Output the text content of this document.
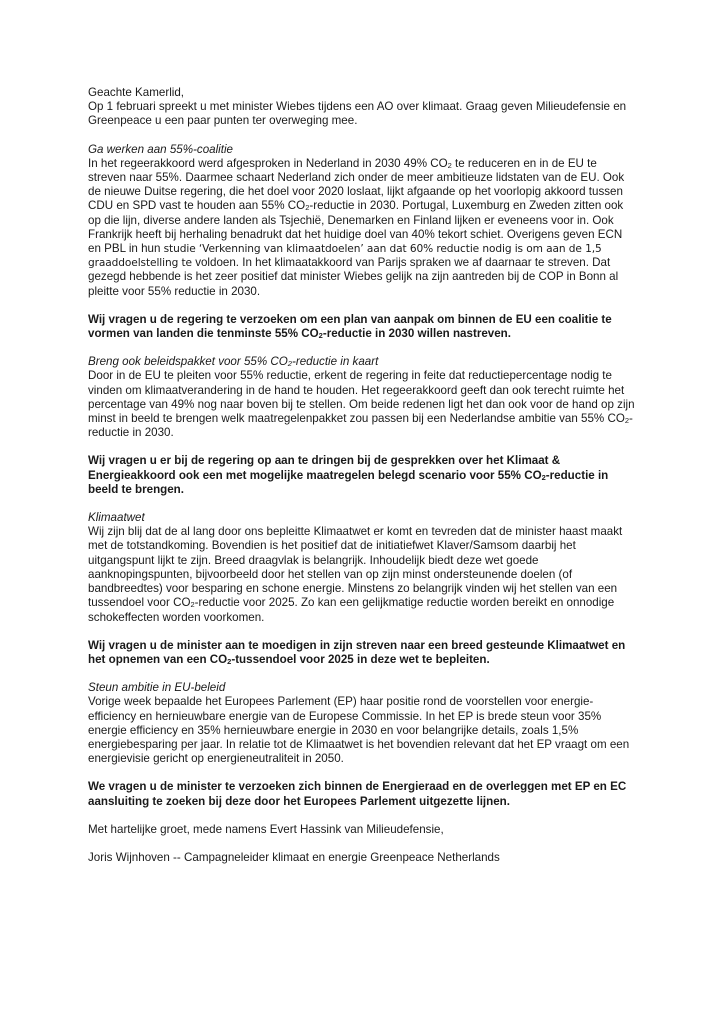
Geachte Kamerlid,

Op 1 februari spreekt u met minister Wiebes tijdens een AO over klimaat. Graag geven Milieudefensie en Greenpeace u een paar punten ter overweging mee.

Ga werken aan 55%-coalitie

In het regeerakkoord werd afgesproken in Nederland in 2030 49% $CO_2$ te reduceren en in de EU te streven naar 55%. Daarmee schaart Nederland zich onder de meer ambitieuze lidstaten van de EU. Ook de nieuwe Duitse regering, die het doel voor 2020 loslaat, lijkt afgaande op het voorlopig akkoord tussen CDU en SPD vast te houden aan 55% $CO_2$-reductie in 2030. Portugal, Luxemburg en Zweden zitten ook op die lijn, diverse andere landen als Tsjechië, Denemarken en Finland lijken er eveneens voor in. Ook Frankrijk heeft bij herhaling benadrukt dat het huidige doel van 40% tekort schiet. Overigens geven ECN en PBL in hun studie ‘Verkenning van klimaatdoelen’ aan dat 60% reductie nodig is om aan de 1,5 graaddoelstelling te voldoen. In het klimaatakkoord van Parijs spraken we af daarnaar te streven. Dat gezegd hebbende is het zeer positief dat minister Wiebes gelijk na zijn aantreden bij de COP in Bonn al pleitte voor 55% reductie in 2030.

Wij vragen u de regering te verzoeken om een plan van aanpak om binnen de EU een coalitie te vormen van landen die tenminste 55% $CO_2$-reductie in 2030 willen nastreven.

Breng ook beleidspakket voor 55% $CO_2$-reductie in kaart

Door in de EU te pleiten voor 55% reductie, erkent de regering in feite dat reductiepercentage nodig te vinden om klimaatverandering in de hand te houden. Het regeerakkoord geeft dan ook terecht ruimte het percentage van 49% nog naar boven bij te stellen. Om beide redenen ligt het dan ook voor de hand op zijn minst in beeld te brengen welk maatregelenpakket zou passen bij een Nederlandse ambitie van 55% $CO_2$-reductie in 2030.

Wij vragen u er bij de regering op aan te dringen bij de gesprekken over het Klimaat & Energieakkoord ook een met mogelijke maatregelen belegd scenario voor 55% $CO_2$-reductie in beeld te brengen.

Klimaatwet

Wij zijn blij dat de al lang door ons bepleitte Klimaatwet er komt en tevreden dat de minister haast maakt met de totstandkoming. Bovendien is het positief dat de initiatiefwet Klaver/Samsom daarbij het uitgangspunt lijkt te zijn. Breed draagvlak is belangrijk. Inhoudelijk biedt deze wet goede aanknopingspunten, bijvoorbeeld door het stellen van op zijn minst ondersteunende doelen (of bandbreedtes) voor besparing en schone energie. Minstens zo belangrijk vinden wij het stellen van een tussendoel voor $CO_2$-reductie voor 2025. Zo kan een gelijkmatige reductie worden bereikt en onnodige schokeffecten worden voorkomen.

Wij vragen u de minister aan te moedigen in zijn streven naar een breed gesteunde Klimaatwet en het opnemen van een $CO_2$-tussendoel voor 2025 in deze wet te bepleiten.

Steun ambitie in EU-beleid

Vorige week bepaalde het Europees Parlement (EP) haar positie rond de voorstellen voor energie-efficiency en hernieuwbare energie van de Europese Commissie. In het EP is brede steun voor 35% energie efficiency en 35% hernieuwbare energie in 2030 en voor belangrijke details, zoals 1,5% energiebesparing per jaar. In relatie tot de Klimaatwet is het bovendien relevant dat het EP vraagt om een energievisie gericht op energieneutraliteit in 2050.

We vragen u de minister te verzoeken zich binnen de Energieraad en de overleggen met EP en EC aansluiting te zoeken bij deze door het Europees Parlement uitgezette lijnen.

Met hartelijke groet, mede namens Evert Hassink van Milieudefensie,

Joris Wijnhoven -- Campagneleider klimaat en energie Greenpeace Netherlands
